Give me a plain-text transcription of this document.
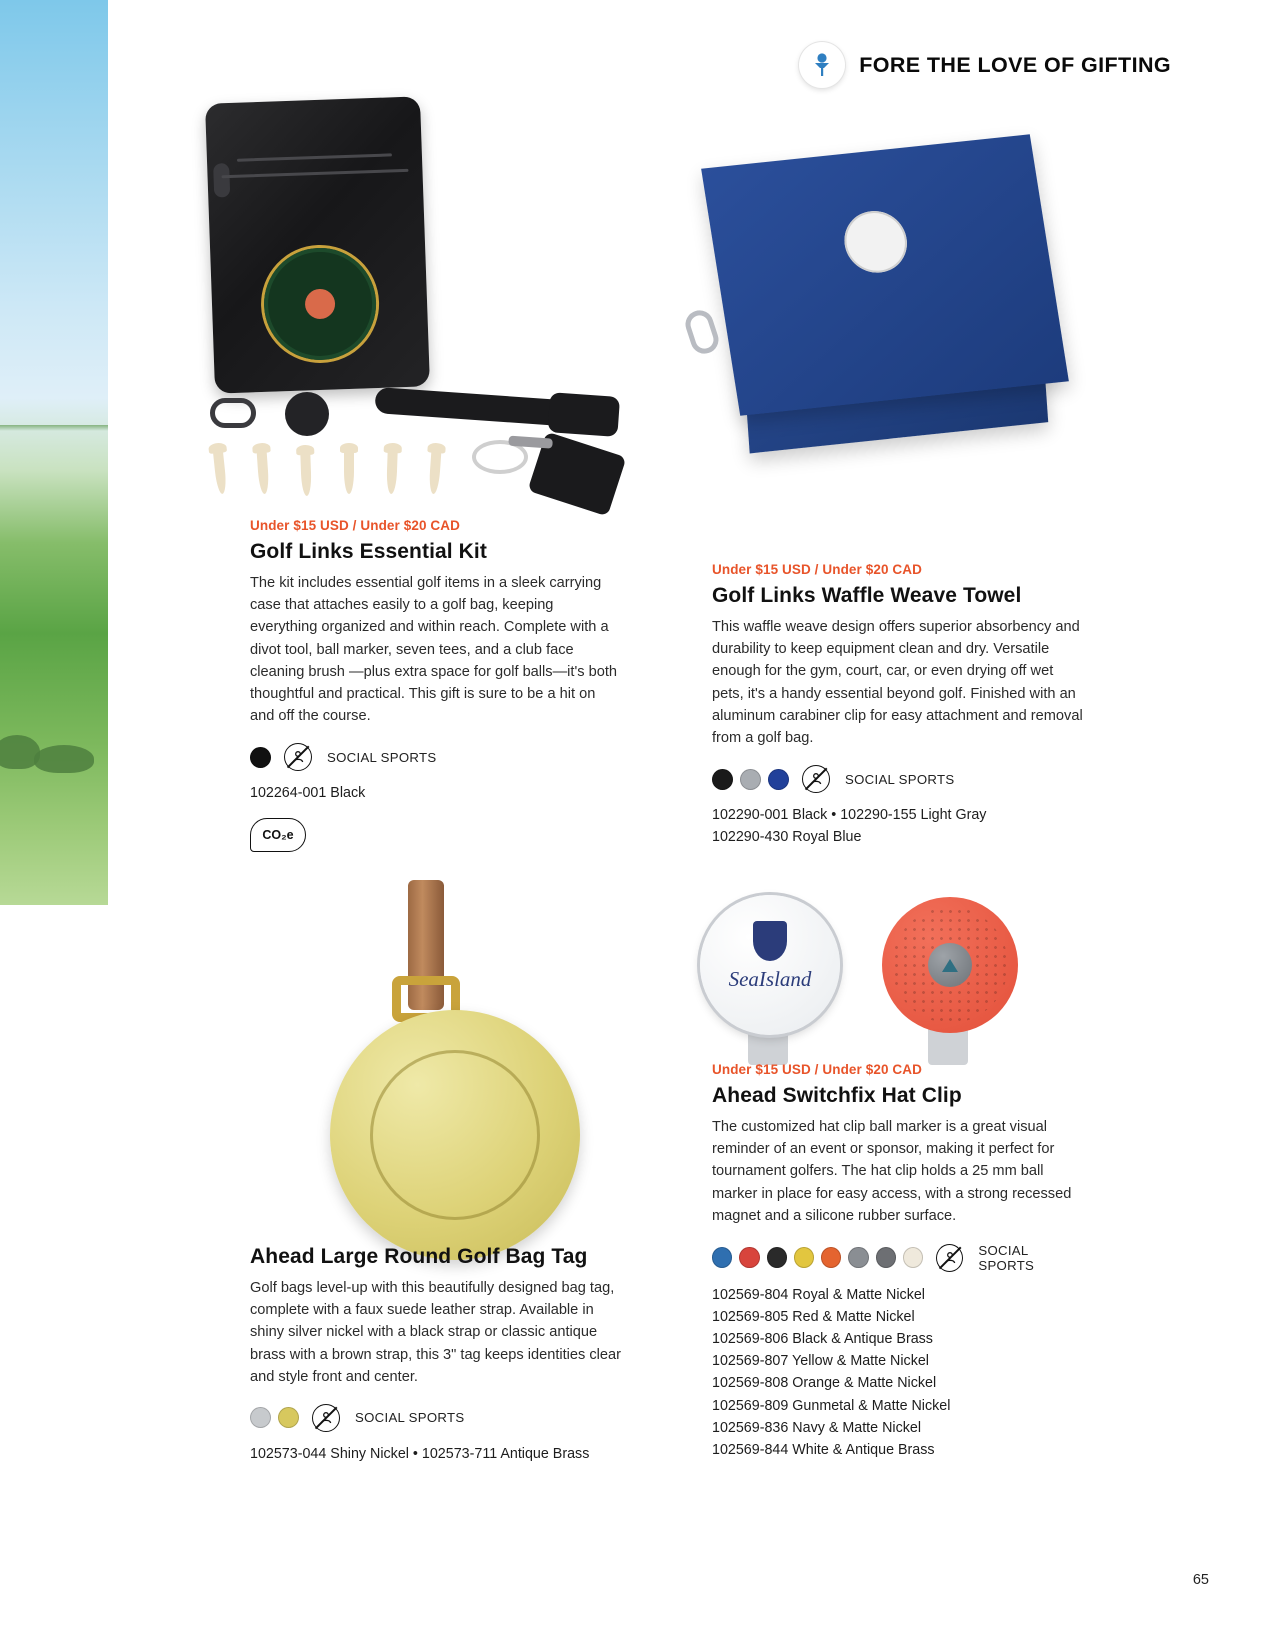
FORE THE LOVE OF GIFTING
Under $15 USD / Under $20 CAD
Golf Links Essential Kit

The kit includes essential golf items in a sleek carrying case that attaches easily to a golf bag, keeping everything organized and within reach. Complete with a divot tool, ball marker, seven tees, and a club face cleaning brush —plus extra space for golf balls—it's both thoughtful and practical. This gift is sure to be a hit on and off the course.

SOCIAL SPORTS
102264-001 Black
CO₂e
Under $15 USD / Under $20 CAD
Golf Links Waffle Weave Towel

This waffle weave design offers superior absorbency and durability to keep equipment clean and dry. Versatile enough for the gym, court, car, or even drying off wet pets, it's a handy essential beyond golf. Finished with an aluminum carabiner clip for easy attachment and removal from a golf bag.

SOCIAL SPORTS
102290-001 Black • 102290-155 Light Gray
102290-430 Royal Blue
Ahead Large Round Golf Bag Tag

Golf bags level-up with this beautifully designed bag tag, complete with a faux suede leather strap. Available in shiny silver nickel with a black strap or classic antique brass with a brown strap, this 3" tag keeps identities clear and style front and center.

SOCIAL SPORTS
102573-044 Shiny Nickel • 102573-711 Antique Brass
SeaIsland
Under $15 USD / Under $20 CAD
Ahead Switchfix Hat Clip

The customized hat clip ball marker is a great visual reminder of an event or sponsor, making it perfect for tournament golfers. The hat clip holds a 25 mm ball marker in place for easy access, with a strong recessed magnet and a silicone rubber surface.

SOCIAL SPORTS
102569-804 Royal & Matte Nickel
102569-805 Red & Matte Nickel
102569-806 Black & Antique Brass
102569-807 Yellow & Matte Nickel
102569-808 Orange & Matte Nickel
102569-809 Gunmetal & Matte Nickel
102569-836 Navy & Matte Nickel
102569-844 White & Antique Brass
65
